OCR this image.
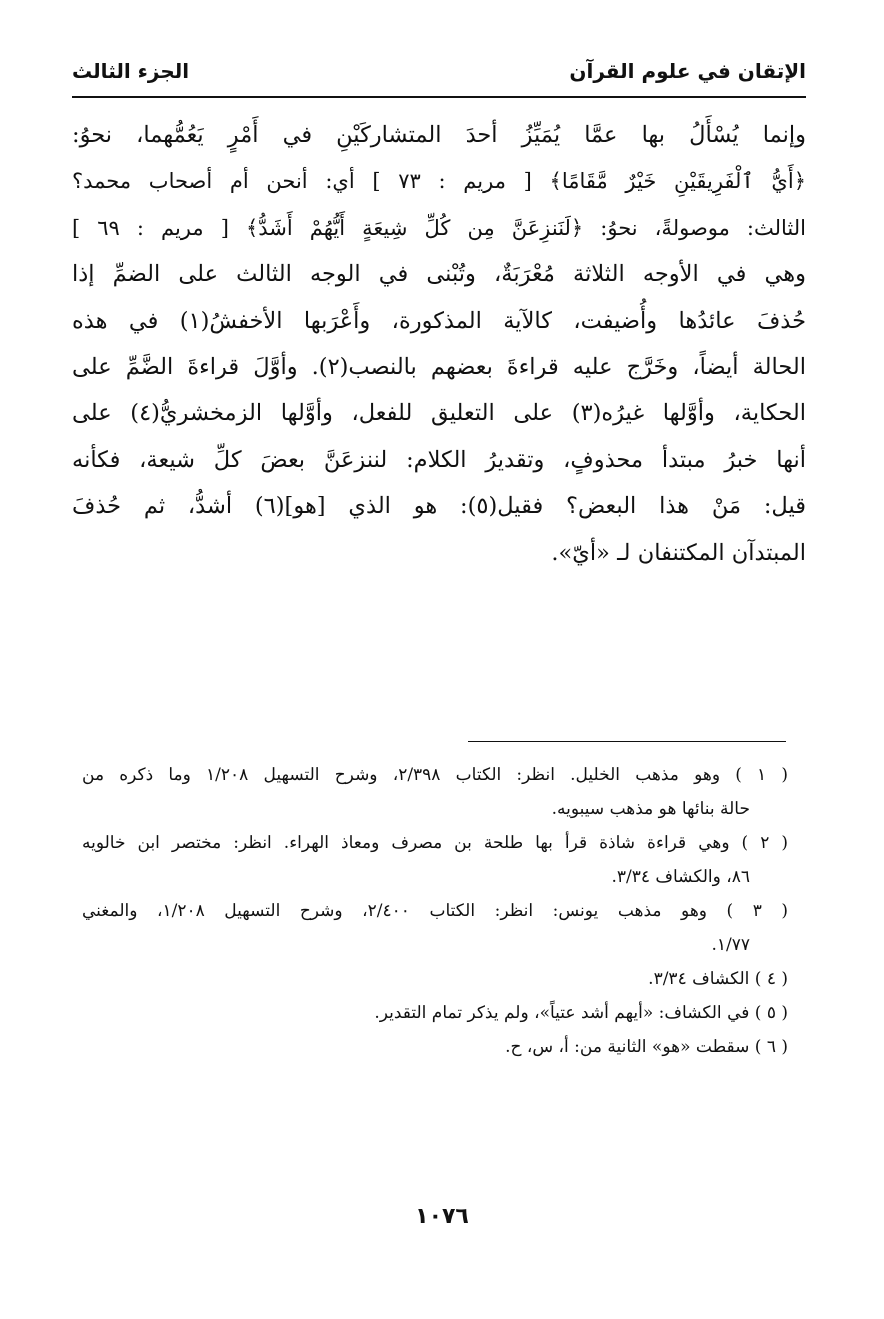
الإتقان في علوم القرآن
الجزء الثالث
وإنما يُسْأَلُ بها عمَّا يُمَيِّزُ أحدَ المتشاركَيْنِ في أَمْرٍ يَعُمُّهما، نحوُ:
﴿أَيُّ ٱلْفَرِيقَيْنِ خَيْرٌ مَّقَامًا﴾ [ مريم : ٧٣ ] أي: أنحن أم أصحاب محمد؟
الثالث: موصولةً، نحوُ: ﴿لَنَنزِعَنَّ مِن كُلِّ شِيعَةٍ أَيُّهُمْ أَشَدُّ﴾ [ مريم : ٦٩ ]
وهي في الأوجه الثلاثة مُعْرَبَةٌ، وتُبْنى في الوجه الثالث على الضمِّ إذا
حُذفَ عائدُها وأُضيفت، كالآية المذكورة، وأَعْرَبها الأخفشُ(١) في هذه
الحالة أيضاً، وخَرَّج عليه قراءةَ بعضهم بالنصب(٢). وأوَّلَ قراءةَ الضَّمِّ على
الحكاية، وأوَّلها غيرُه(٣) على التعليق للفعل، وأوَّلها الزمخشريُّ(٤) على
أنها خبرُ مبتدأ محذوفٍ، وتقديرُ الكلام: لننزعَنَّ بعضَ كلِّ شيعة، فكأنه
قيل: مَنْ هذا البعض؟ فقيل(٥): هو الذي [هو](٦) أشدُّ، ثم حُذفَ
المبتدآن المكتنفان لـ «أيّ».
( ١ ) وهو مذهب الخليل. انظر: الكتاب ٢/٣٩٨، وشرح التسهيل ١/٢٠٨ وما ذكره من
حالة بنائها هو مذهب سيبويه.
( ٢ ) وهي قراءة شاذة قرأ بها طلحة بن مصرف ومعاذ الهراء. انظر: مختصر ابن خالويه
٨٦، والكشاف ٣/٣٤.
( ٣ ) وهو مذهب يونس: انظر: الكتاب ٢/٤٠٠، وشرح التسهيل ١/٢٠٨، والمغني
١/٧٧.
( ٤ ) الكشاف ٣/٣٤.
( ٥ ) في الكشاف: «أيهم أشد عتياً»، ولم يذكر تمام التقدير.
( ٦ ) سقطت «هو» الثانية من: أ، س، ح.
١٠٧٦
